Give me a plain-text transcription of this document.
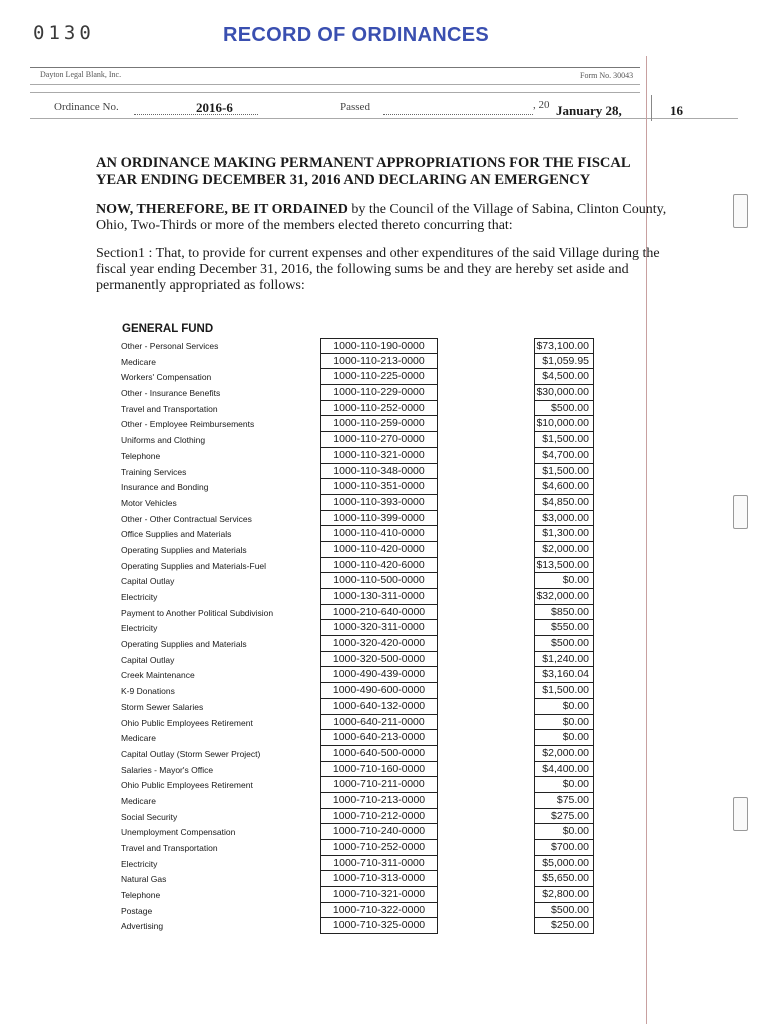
0130	RECORD OF ORDINANCES
Dayton Legal Blank, Inc.	Form No. 30043
Ordinance No.	2016-6	Passed	, 20 January 28,	16
AN ORDINANCE MAKING PERMANENT APPROPRIATIONS FOR THE FISCAL YEAR ENDING DECEMBER 31, 2016 AND DECLARING AN EMERGENCY
NOW, THEREFORE, BE IT ORDAINED by the Council of the Village of Sabina, Clinton County, Ohio, Two-Thirds or more of the members elected thereto concurring that:
Section1 : That, to provide for current expenses and other expenditures of the said Village during the fiscal year ending December 31, 2016, the following sums be and they are hereby set aside and permanently appropriated as follows:
GENERAL FUND
Other - Personal Services	1000-110-190-0000	$73,100.00
Medicare	1000-110-213-0000	$1,059.95
Workers' Compensation	1000-110-225-0000	$4,500.00
Other - Insurance Benefits	1000-110-229-0000	$30,000.00
Travel and Transportation	1000-110-252-0000	$500.00
Other - Employee Reimbursements	1000-110-259-0000	$10,000.00
Uniforms and Clothing	1000-110-270-0000	$1,500.00
Telephone	1000-110-321-0000	$4,700.00
Training Services	1000-110-348-0000	$1,500.00
Insurance and Bonding	1000-110-351-0000	$4,600.00
Motor Vehicles	1000-110-393-0000	$4,850.00
Other - Other Contractual Services	1000-110-399-0000	$3,000.00
Office Supplies and Materials	1000-110-410-0000	$1,300.00
Operating Supplies and Materials	1000-110-420-0000	$2,000.00
Operating Supplies and Materials-Fuel	1000-110-420-6000	$13,500.00
Capital Outlay	1000-110-500-0000	$0.00
Electricity	1000-130-311-0000	$32,000.00
Payment to Another Political Subdivision	1000-210-640-0000	$850.00
Electricity	1000-320-311-0000	$550.00
Operating Supplies and Materials	1000-320-420-0000	$500.00
Capital Outlay	1000-320-500-0000	$1,240.00
Creek Maintenance	1000-490-439-0000	$3,160.04
K-9 Donations	1000-490-600-0000	$1,500.00
Storm Sewer Salaries	1000-640-132-0000	$0.00
Ohio Public Employees Retirement	1000-640-211-0000	$0.00
Medicare	1000-640-213-0000	$0.00
Capital Outlay (Storm Sewer Project)	1000-640-500-0000	$2,000.00
Salaries - Mayor's Office	1000-710-160-0000	$4,400.00
Ohio Public Employees Retirement	1000-710-211-0000	$0.00
Medicare	1000-710-213-0000	$75.00
Social Security	1000-710-212-0000	$275.00
Unemployment Compensation	1000-710-240-0000	$0.00
Travel and Transportation	1000-710-252-0000	$700.00
Electricity	1000-710-311-0000	$5,000.00
Natural Gas	1000-710-313-0000	$5,650.00
Telephone	1000-710-321-0000	$2,800.00
Postage	1000-710-322-0000	$500.00
Advertising	1000-710-325-0000	$250.00
